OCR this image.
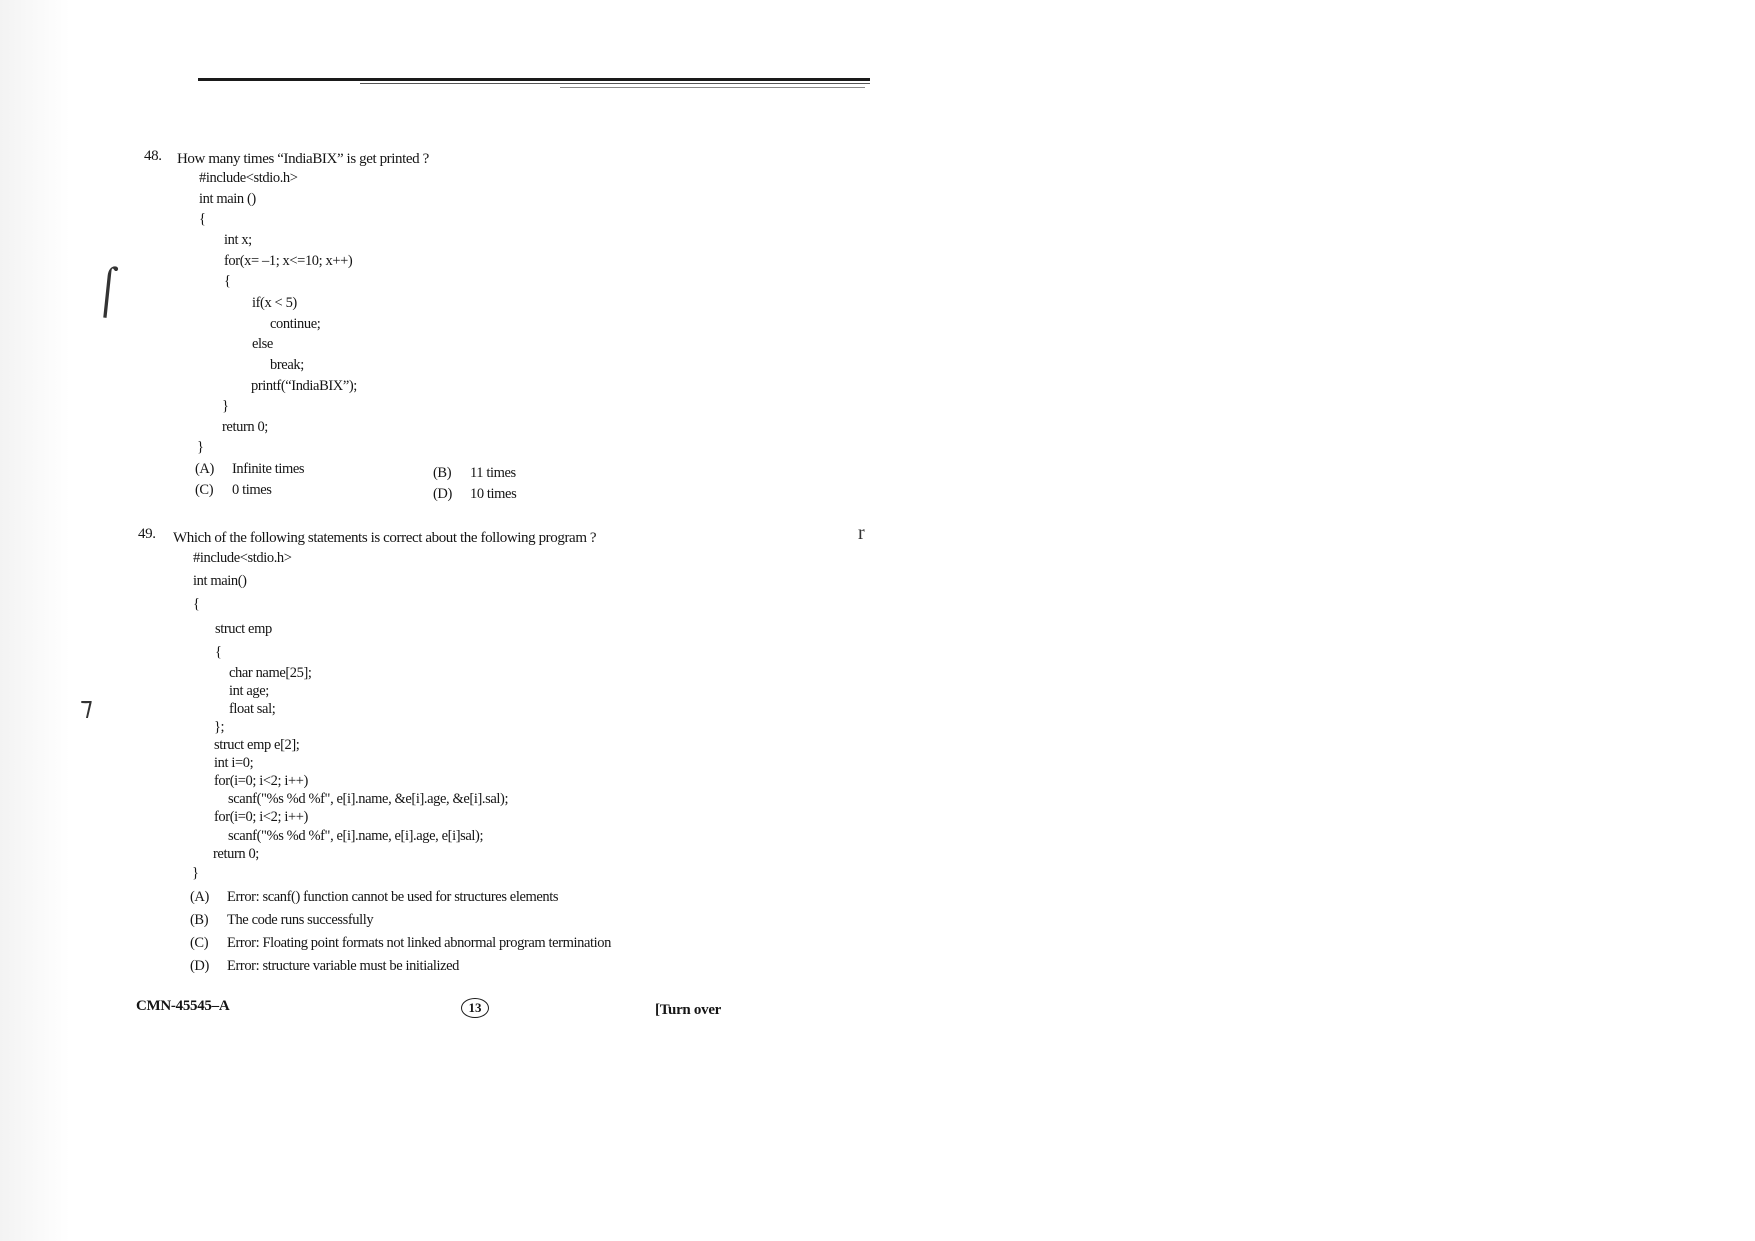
⌠
⁊
r
48. How many times “IndiaBIX” is get printed ?
#include<stdio.h>
int main ()
{
int x;
for(x= –1; x<=10; x++)
{
if(x < 5)
continue;
else
break;
printf(“IndiaBIX”);
}
return 0;
}
(A) Infinite times	(B) 11 times
(C) 0 times	(D) 10 times
49. Which of the following statements is correct about the following program ?
#include<stdio.h>
int main()
{
struct emp
{
char name[25];
int age;
float sal;
};
struct emp e[2];
int i=0;
for(i=0; i<2; i++)
scanf("%s %d %f", e[i].name, &e[i].age, &e[i].sal);
for(i=0; i<2; i++)
scanf("%s %d %f", e[i].name, e[i].age, e[i]sal);
return 0;
}
(A) Error: scanf() function cannot be used for structures elements
(B) The code runs successfully
(C) Error: Floating point formats not linked abnormal program termination
(D) Error: structure variable must be initialized
CMN-45545–A	13	[Turn over
